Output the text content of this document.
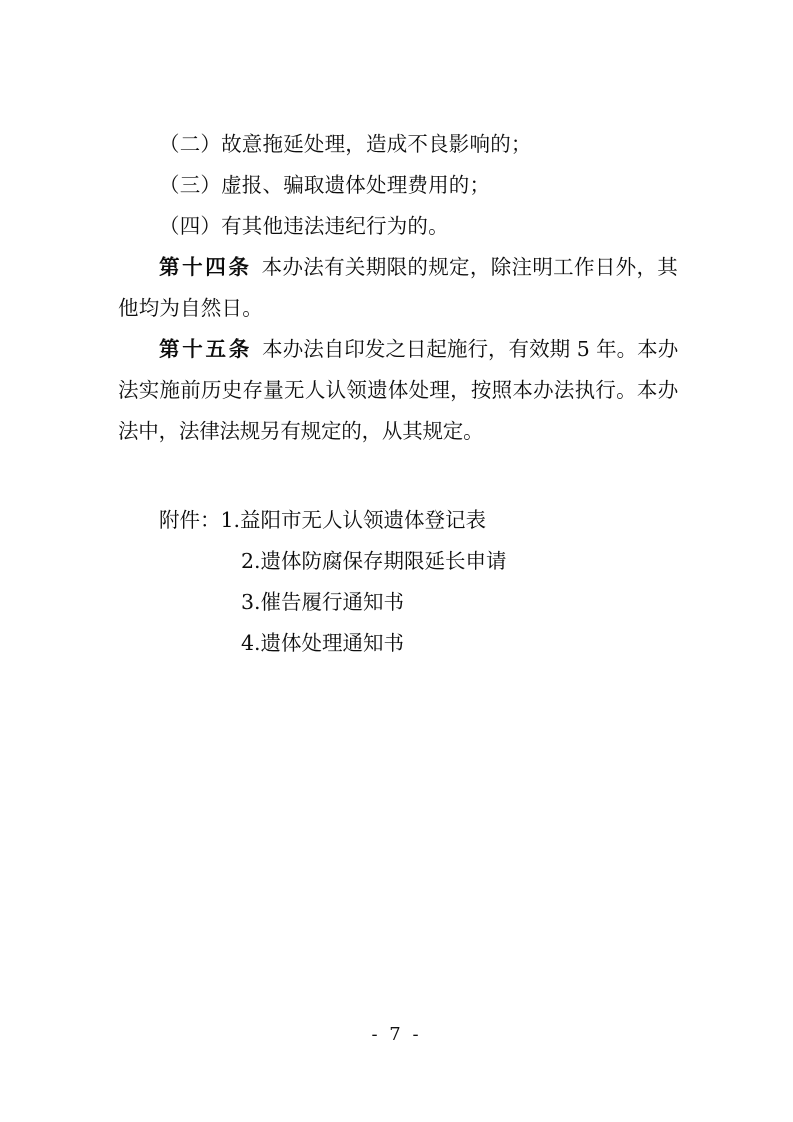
（二）故意拖延处理，造成不良影响的；

（三）虚报、骗取遗体处理费用的；

（四）有其他违法违纪行为的。

第十四条 本办法有关期限的规定，除注明工作日外，其他均为自然日。

第十五条 本办法自印发之日起施行，有效期 5 年。本办法实施前历史存量无人认领遗体处理，按照本办法执行。本办法中，法律法规另有规定的，从其规定。

附件：1.益阳市无人认领遗体登记表

2.遗体防腐保存期限延长申请

3.催告履行通知书

4.遗体处理通知书

- 7 -
